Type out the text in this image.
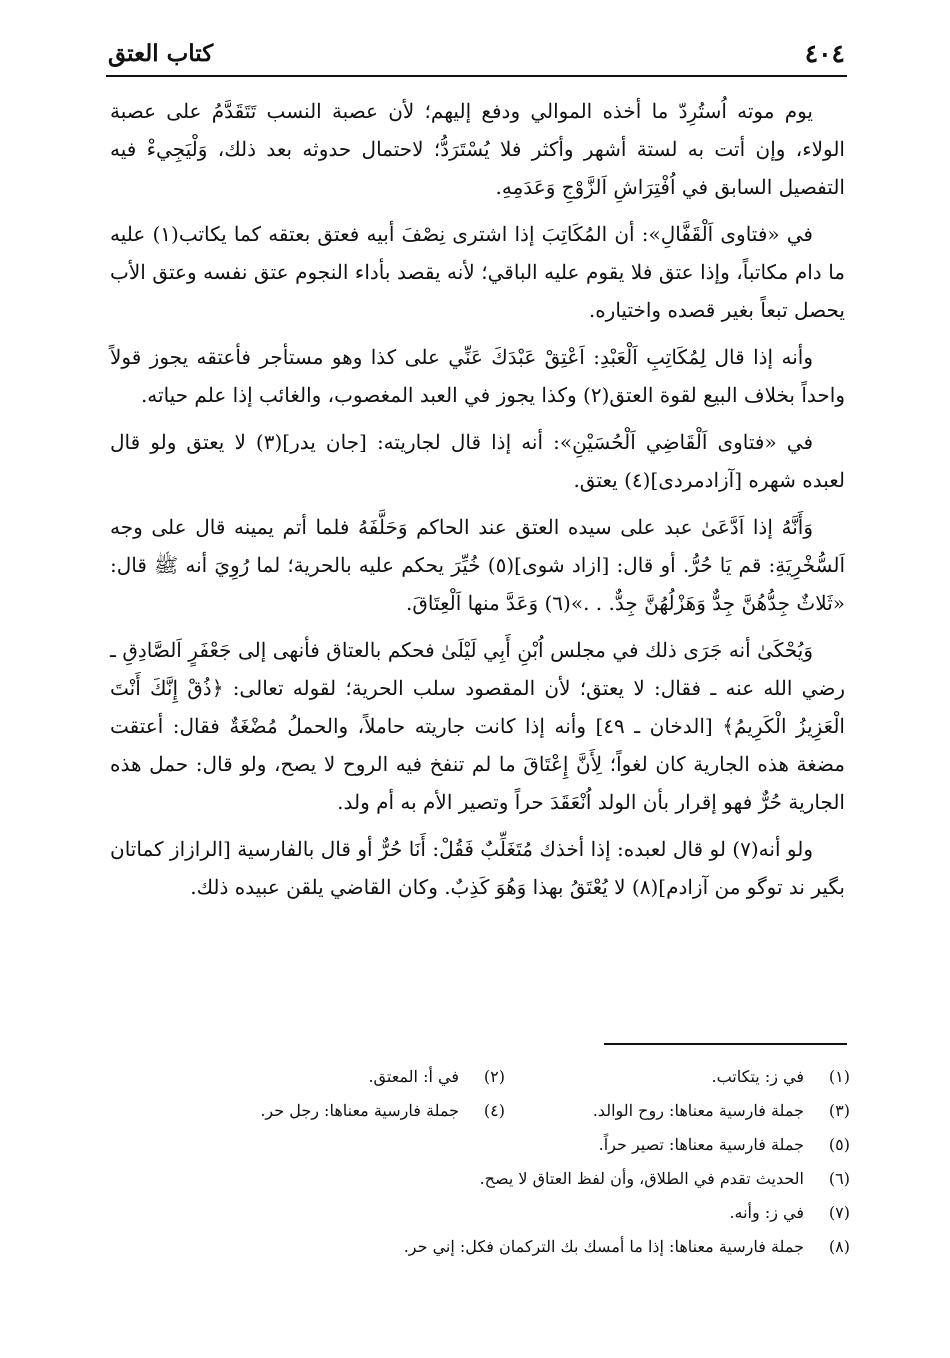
٤٠٤
كتاب العتق

يوم موته اُستُرِدّ ما أخذه الموالي ودفع إليهم؛ لأن عصبة النسب تَتَقَدَّمُ على عصبة الولاء، وإن أتت به لستة أشهر وأكثر فلا يُسْتَرَدُّ؛ لاحتمال حدوثه بعد ذلك، وَلْيَجِيءْ فيه التفصيل السابق في اُفْتِرَاشِ اَلزَّوْجِ وَعَدَمِهِ.

في «فتاوى اَلْقَفَّالِ»: أن المُكَاتِبَ إذا اشترى نِصْفَ أبيه فعتق بعتقه كما يكاتب(١) عليه ما دام مكاتباً، وإذا عتق فلا يقوم عليه الباقي؛ لأنه يقصد بأداء النجوم عتق نفسه وعتق الأب يحصل تبعاً بغير قصده واختياره.

وأنه إذا قال لِمُكَاتِبِ اَلْعَبْدِ: اَعْتِقْ عَبْدَكَ عَنِّي على كذا وهو مستأجر فأعتقه يجوز قولاً واحداً بخلاف البيع لقوة العتق(٢) وكذا يجوز في العبد المغصوب، والغائب إذا علم حياته.

في «فتاوى اَلْقَاضِي اَلْحُسَيْنِ»: أنه إذا قال لجاريته: [جان يدر](٣) لا يعتق ولو قال لعبده شهره [آزادمردى](٤) يعتق.

وَأَنَّهُ إذا اَدَّعَىٰ عبد على سيده العتق عند الحاكم وَحَلَّفَهُ فلما أتم يمينه قال على وجه اَلسُّخْرِيَةِ: قم يَا حُرُّ. أو قال: [ازاد شوى](٥) خُيِّرَ يحكم عليه بالحرية؛ لما رُوِيَ أنه ﷺ قال: «ثَلاثٌ جِدُّهُنَّ جِدٌّ وَهَزْلُهُنَّ جِدٌّ. . .»(٦) وَعَدَّ منها اَلْعِتَاقَ.

وَيُحْكَىٰ أنه جَرَى ذلك في مجلس اُبْنِ أَبِي لَيْلَىٰ فحكم بالعتاق فأنهى إلى جَعْفَرٍ اَلصَّادِقِ ـ رضي الله عنه ـ فقال: لا يعتق؛ لأن المقصود سلب الحرية؛ لقوله تعالى: ﴿ذُقْ إِنَّكَ أَنْتَ الْعَزِيزُ الْكَرِيمُ﴾ [الدخان ـ ٤٩] وأنه إذا كانت جاريته حاملاً، والحملُ مُضْغَةٌ فقال: أعتقت مضغة هذه الجارية كان لغواً؛ لِأَنَّ إِعْتَاقَ ما لم تنفخ فيه الروح لا يصح، ولو قال: حمل هذه الجارية حُرٌّ فهو إقرار بأن الولد اُنْعَقَدَ حراً وتصير الأم به أم ولد.

ولو أنه(٧) لو قال لعبده: إذا أخذك مُتَغَلِّبٌ فَقُلْ: أَنَا حُرٌّ أو قال بالفارسية [الرازاز كماتان بگير ند توگو من آزادم](٨) لا يُعْتَقُ بهذا وَهُوَ كَذِبٌ. وكان القاضي يلقن عبيده ذلك.

(١)
في ز: يتكاتب.
(٢)
في أ: المعتق.
(٣)
جملة فارسية معناها: روح الوالد.
(٤)
جملة فارسية معناها: رجل حر.
(٥)
جملة فارسية معناها: تصير حراً.
(٦)
الحديث تقدم في الطلاق، وأن لفظ العتاق لا يصح.
(٧)
في ز: وأنه.
(٨)
جملة فارسية معناها: إذا ما أمسك بك التركمان فكل: إني حر.
